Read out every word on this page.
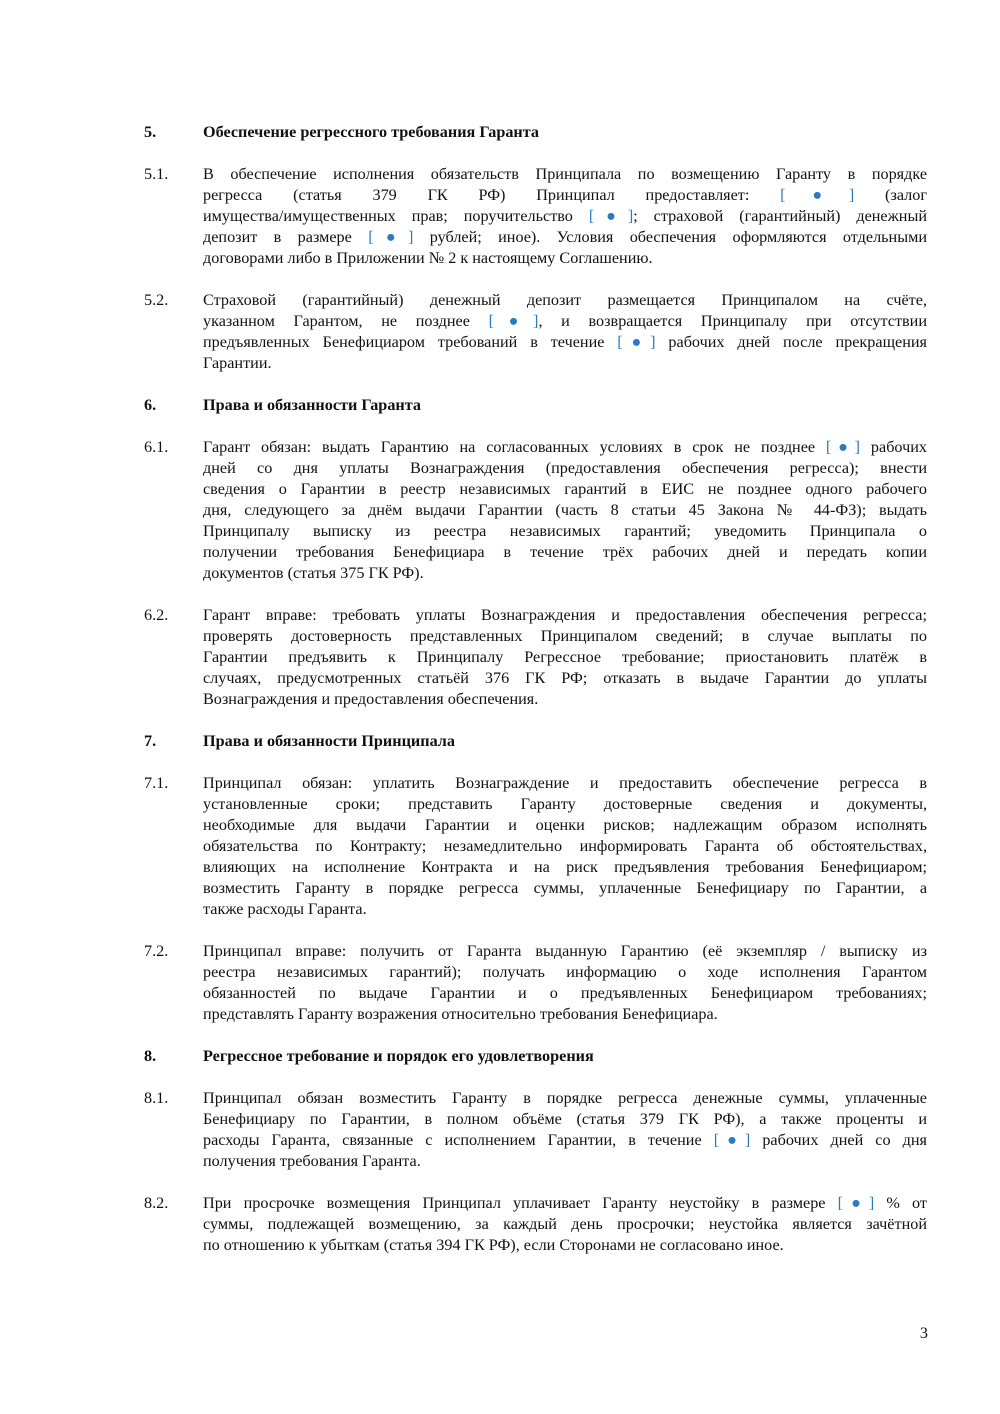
5.	Обеспечение регрессного требования Гаранта
5.1. В обеспечение исполнения обязательств Принципала по возмещению Гаранту в порядке
регресса (статья 379 ГК РФ) Принципал предоставляет: [●] (залог
имущества/имущественных прав; поручительство [●]; страховой (гарантийный) денежный
депозит в размере [●] рублей; иное). Условия обеспечения оформляются отдельными
договорами либо в Приложении № 2 к настоящему Соглашению.
5.2. Страховой (гарантийный) денежный депозит размещается Принципалом на счёте,
указанном Гарантом, не позднее [●], и возвращается Принципалу при отсутствии
предъявленных Бенефициаром требований в течение [●] рабочих дней после прекращения
Гарантии.
6.	Права и обязанности Гаранта
6.1. Гарант обязан: выдать Гарантию на согласованных условиях в срок не позднее [●] рабочих
дней со дня уплаты Вознаграждения (предоставления обеспечения регресса); внести
сведения о Гарантии в реестр независимых гарантий в ЕИС не позднее одного рабочего
дня, следующего за днём выдачи Гарантии (часть 8 статьи 45 Закона № 44-ФЗ); выдать
Принципалу выписку из реестра независимых гарантий; уведомить Принципала о
получении требования Бенефициара в течение трёх рабочих дней и передать копии
документов (статья 375 ГК РФ).
6.2. Гарант вправе: требовать уплаты Вознаграждения и предоставления обеспечения регресса;
проверять достоверность представленных Принципалом сведений; в случае выплаты по
Гарантии предъявить к Принципалу Регрессное требование; приостановить платёж в
случаях, предусмотренных статьёй 376 ГК РФ; отказать в выдаче Гарантии до уплаты
Вознаграждения и предоставления обеспечения.
7.	Права и обязанности Принципала
7.1. Принципал обязан: уплатить Вознаграждение и предоставить обеспечение регресса в
установленные сроки; представить Гаранту достоверные сведения и документы,
необходимые для выдачи Гарантии и оценки рисков; надлежащим образом исполнять
обязательства по Контракту; незамедлительно информировать Гаранта об обстоятельствах,
влияющих на исполнение Контракта и на риск предъявления требования Бенефициаром;
возместить Гаранту в порядке регресса суммы, уплаченные Бенефициару по Гарантии, а
также расходы Гаранта.
7.2. Принципал вправе: получить от Гаранта выданную Гарантию (её экземпляр / выписку из
реестра независимых гарантий); получать информацию о ходе исполнения Гарантом
обязанностей по выдаче Гарантии и о предъявленных Бенефициаром требованиях;
представлять Гаранту возражения относительно требования Бенефициара.
8.	Регрессное требование и порядок его удовлетворения
8.1. Принципал обязан возместить Гаранту в порядке регресса денежные суммы, уплаченные
Бенефициару по Гарантии, в полном объёме (статья 379 ГК РФ), а также проценты и
расходы Гаранта, связанные с исполнением Гарантии, в течение [●] рабочих дней со дня
получения требования Гаранта.
8.2. При просрочке возмещения Принципал уплачивает Гаранту неустойку в размере [●] % от
суммы, подлежащей возмещению, за каждый день просрочки; неустойка является зачётной
по отношению к убыткам (статья 394 ГК РФ), если Сторонами не согласовано иное.
3
